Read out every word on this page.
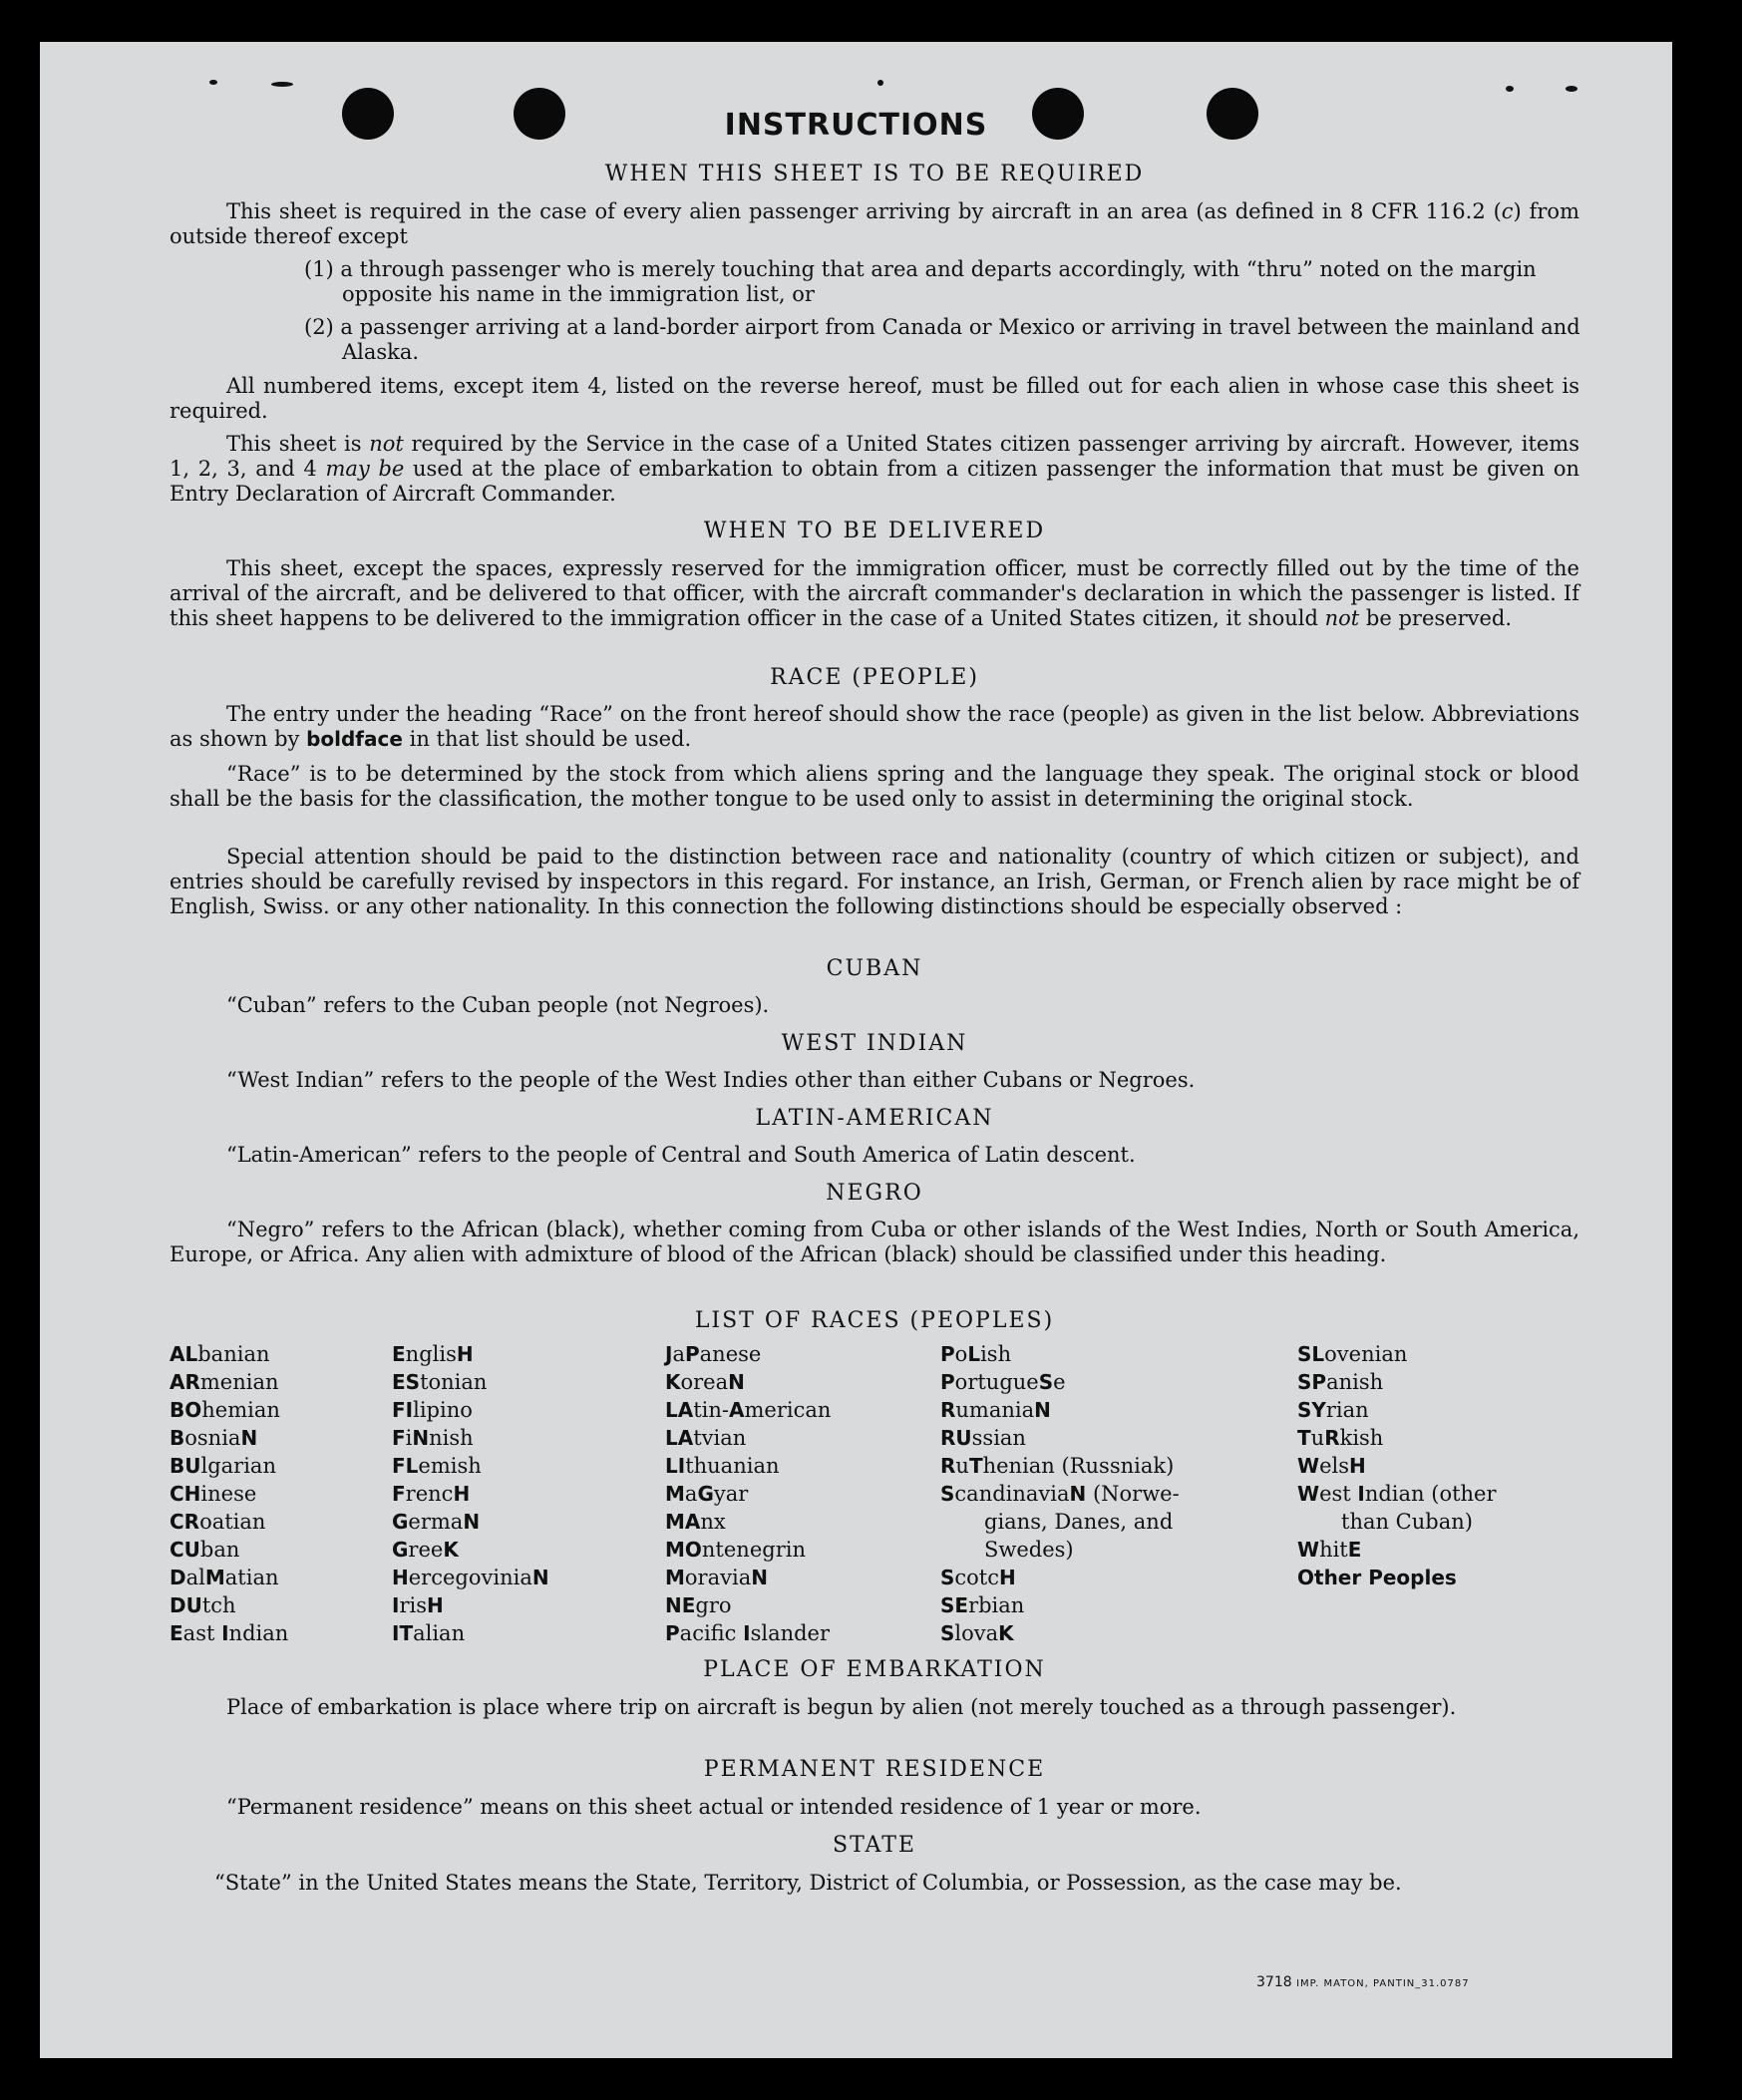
INSTRUCTIONS
WHEN THIS SHEET IS TO BE REQUIRED
This sheet is required in the case of every alien passenger arriving by aircraft in an area (as defined in 8 CFR 116.2 (c) from outside thereof except
(1) a through passenger who is merely touching that area and departs accordingly, with “thru” noted on the margin opposite his name in the immigration list, or
(2) a passenger arriving at a land-border airport from Canada or Mexico or arriving in travel between the mainland and Alaska.
All numbered items, except item 4, listed on the reverse hereof, must be filled out for each alien in whose case this sheet is required.
This sheet is not required by the Service in the case of a United States citizen passenger arriving by aircraft. However, items 1, 2, 3, and 4 may be used at the place of embarkation to obtain from a citizen passenger the information that must be given on Entry Declaration of Aircraft Commander.
WHEN TO BE DELIVERED
This sheet, except the spaces, expressly reserved for the immigration officer, must be correctly filled out by the time of the arrival of the aircraft, and be delivered to that officer, with the aircraft commander's declaration in which the passenger is listed. If this sheet happens to be delivered to the immigration officer in the case of a United States citizen, it should not be preserved.
RACE (PEOPLE)
The entry under the heading “Race” on the front hereof should show the race (people) as given in the list below. Abbreviations as shown by boldface in that list should be used.
“Race” is to be determined by the stock from which aliens spring and the language they speak. The original stock or blood shall be the basis for the classification, the mother tongue to be used only to assist in determining the original stock.
Special attention should be paid to the distinction between race and nationality (country of which citizen or subject), and entries should be carefully revised by inspectors in this regard. For instance, an Irish, German, or French alien by race might be of English, Swiss. or any other nationality. In this connection the following distinctions should be especially observed :
CUBAN
“Cuban” refers to the Cuban people (not Negroes).
WEST INDIAN
“West Indian” refers to the people of the West Indies other than either Cubans or Negroes.
LATIN-AMERICAN
“Latin-American” refers to the people of Central and South America of Latin descent.
NEGRO
“Negro” refers to the African (black), whether coming from Cuba or other islands of the West Indies, North or South America, Europe, or Africa. Any alien with admixture of blood of the African (black) should be classified under this heading.
LIST OF RACES (PEOPLES)
ALbanian
ARmenian
BOhemian
BosniaN
BUlgarian
CHinese
CRoatian
CUban
DalMatian
DUtch
East Indian
EnglisH
EStonian
FIlipino
FiNnish
FLemish
FrencH
GermaN
GreeK
HercegoviniaN
IrisH
ITalian
JaPanese
KoreaN
LAtin-American
LAtvian
LIthuanian
MaGyar
MAnx
MOntenegrin
MoraviaN
NEgro
Pacific Islander
PoLish
PortugueSe
RumaniaN
RUssian
RuThenian (Russniak)
ScandinaviaN (Norwe-
gians, Danes, and
Swedes)
ScotcH
SErbian
SlovaK
SLovenian
SPanish
SYrian
TuRkish
WelsH
West Indian (other
than Cuban)
WhitE
Other Peoples
PLACE OF EMBARKATION
Place of embarkation is place where trip on aircraft is begun by alien (not merely touched as a through passenger).
PERMANENT RESIDENCE
“Permanent residence” means on this sheet actual or intended residence of 1 year or more.
STATE
“State” in the United States means the State, Territory, District of Columbia, or Possession, as the case may be.
3718 IMP. MATON, PANTIN_31.0787
